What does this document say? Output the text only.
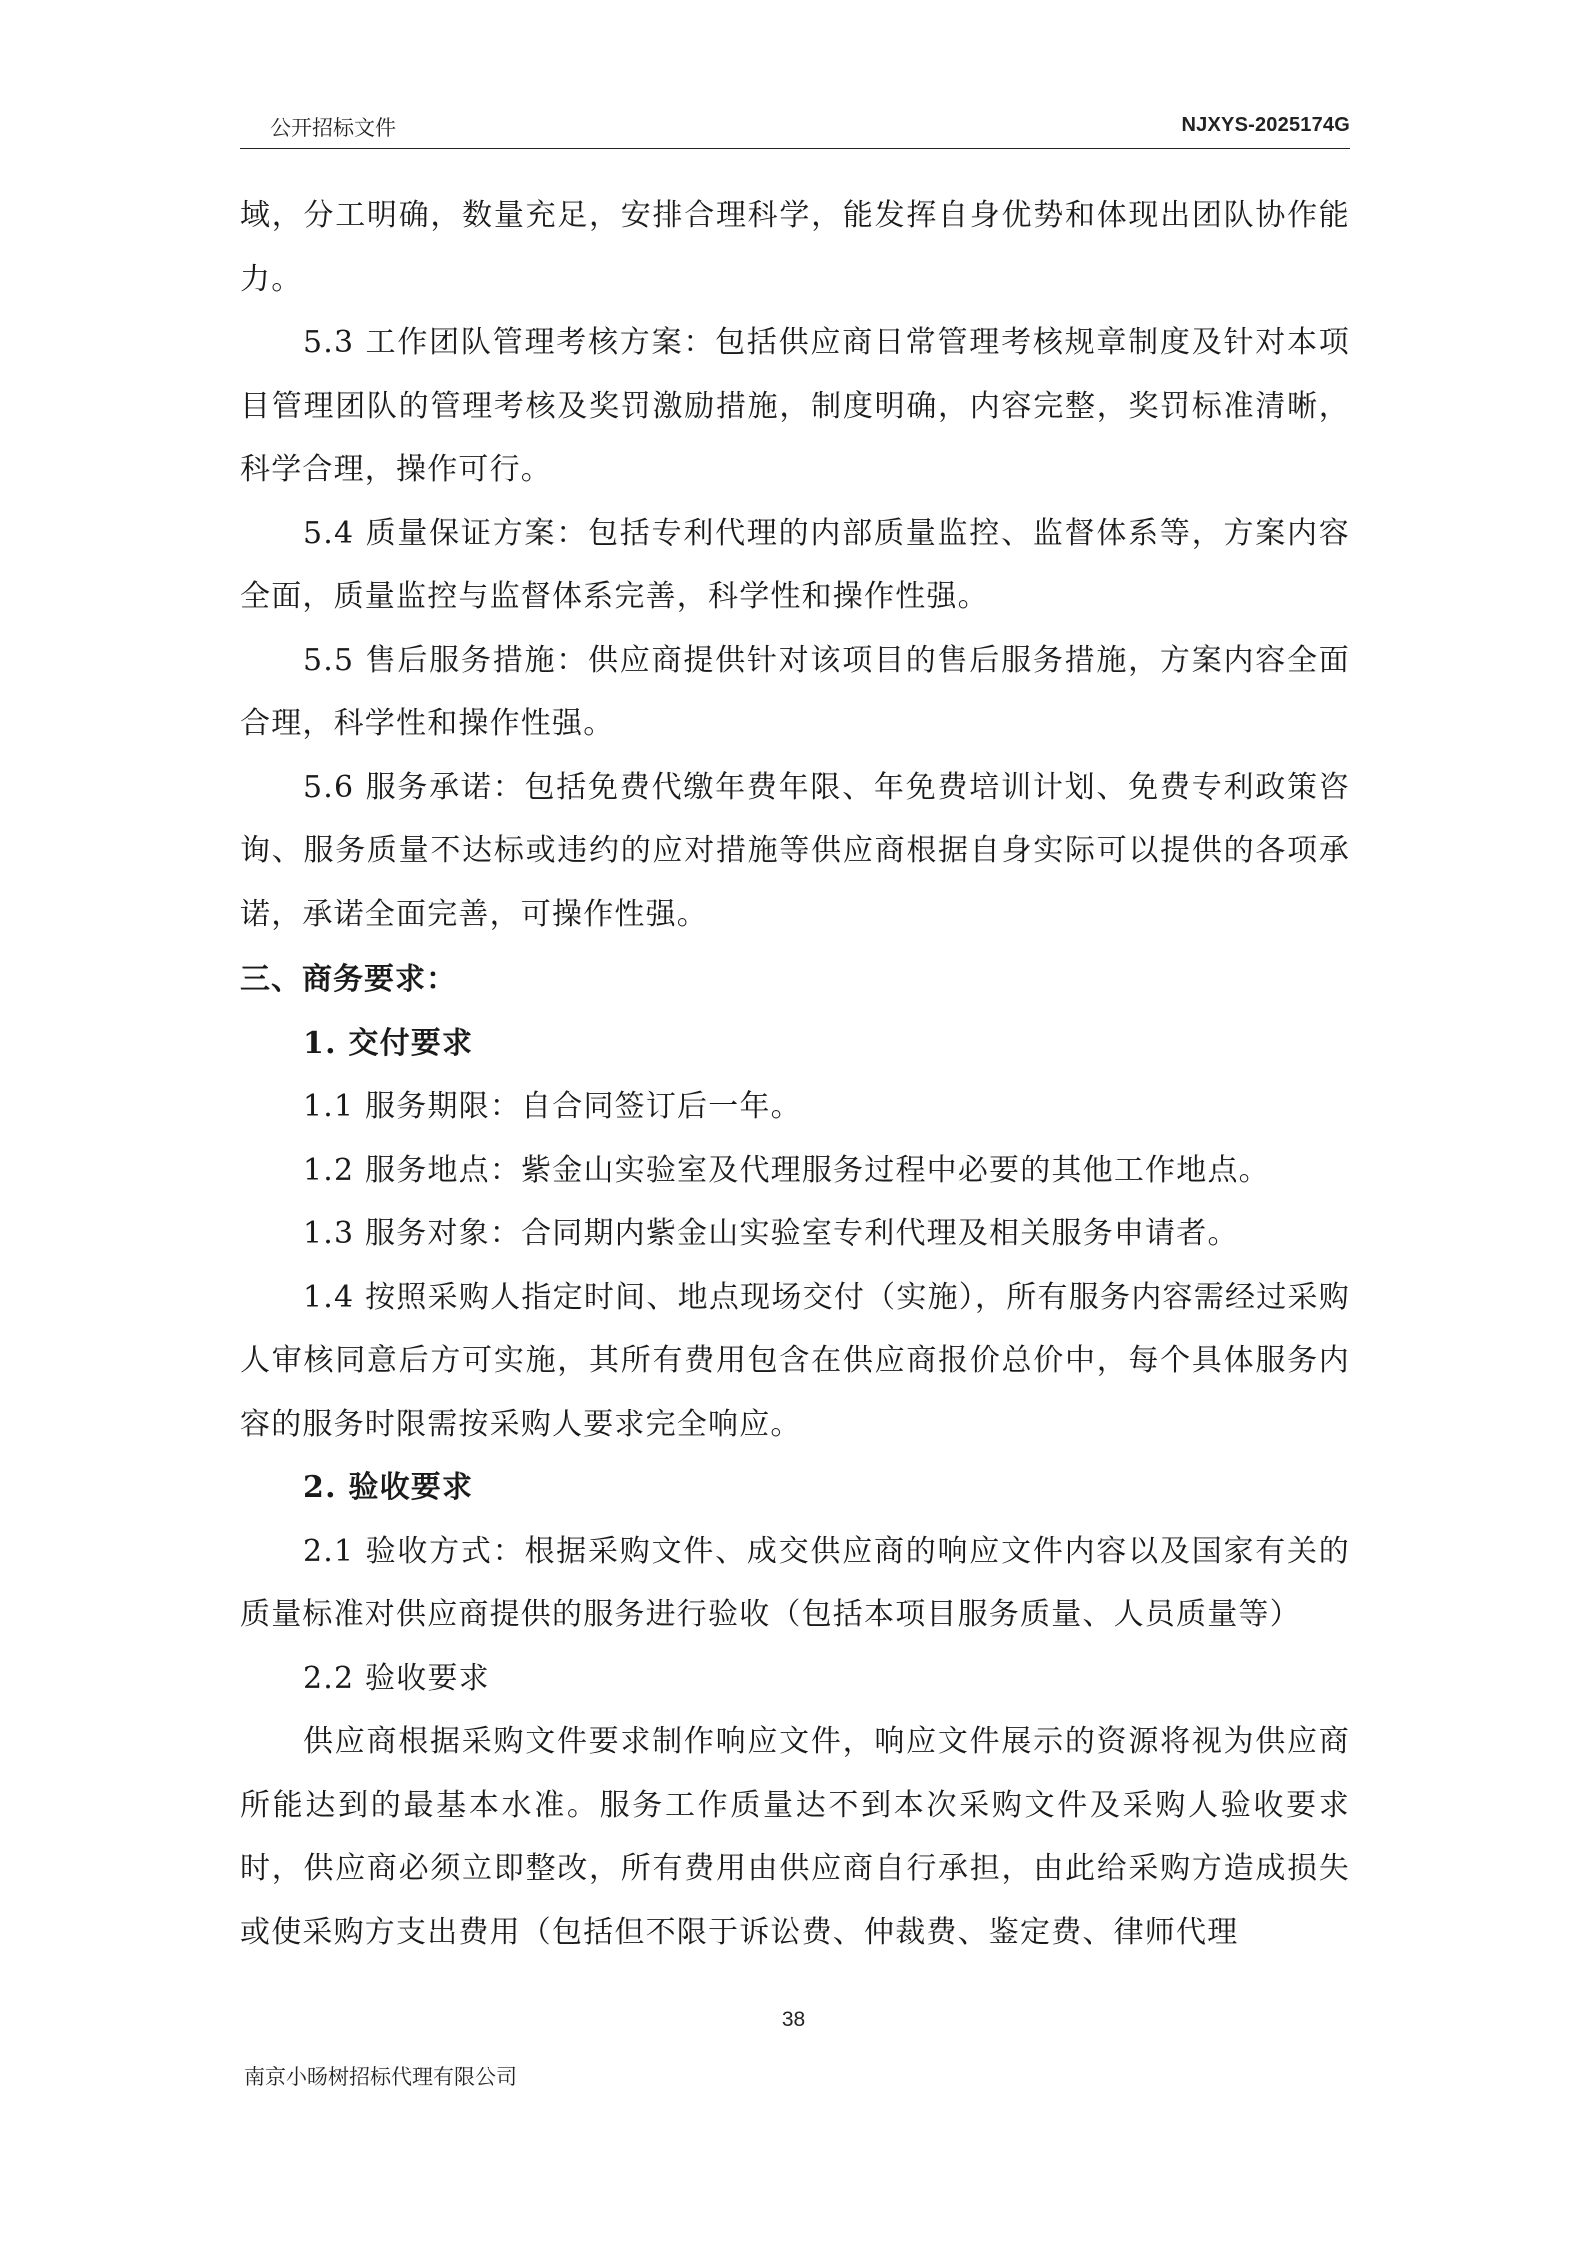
公开招标文件	NJXYS-2025174G

域，分工明确，数量充足，安排合理科学，能发挥自身优势和体现出团队协作能力。

5.3 工作团队管理考核方案：包括供应商日常管理考核规章制度及针对本项目管理团队的管理考核及奖罚激励措施，制度明确，内容完整，奖罚标准清晰，科学合理，操作可行。

5.4 质量保证方案：包括专利代理的内部质量监控、监督体系等，方案内容全面，质量监控与监督体系完善，科学性和操作性强。

5.5 售后服务措施：供应商提供针对该项目的售后服务措施，方案内容全面合理，科学性和操作性强。

5.6 服务承诺：包括免费代缴年费年限、年免费培训计划、免费专利政策咨询、服务质量不达标或违约的应对措施等供应商根据自身实际可以提供的各项承诺，承诺全面完善，可操作性强。

三、商务要求：

1. 交付要求

1.1 服务期限：自合同签订后一年。

1.2 服务地点：紫金山实验室及代理服务过程中必要的其他工作地点。

1.3 服务对象：合同期内紫金山实验室专利代理及相关服务申请者。

1.4 按照采购人指定时间、地点现场交付（实施），所有服务内容需经过采购人审核同意后方可实施，其所有费用包含在供应商报价总价中，每个具体服务内容的服务时限需按采购人要求完全响应。

2. 验收要求

2.1 验收方式：根据采购文件、成交供应商的响应文件内容以及国家有关的质量标准对供应商提供的服务进行验收（包括本项目服务质量、人员质量等）

2.2 验收要求

供应商根据采购文件要求制作响应文件，响应文件展示的资源将视为供应商所能达到的最基本水准。服务工作质量达不到本次采购文件及采购人验收要求时，供应商必须立即整改，所有费用由供应商自行承担，由此给采购方造成损失或使采购方支出费用（包括但不限于诉讼费、仲裁费、鉴定费、律师代理

38
南京小旸树招标代理有限公司
